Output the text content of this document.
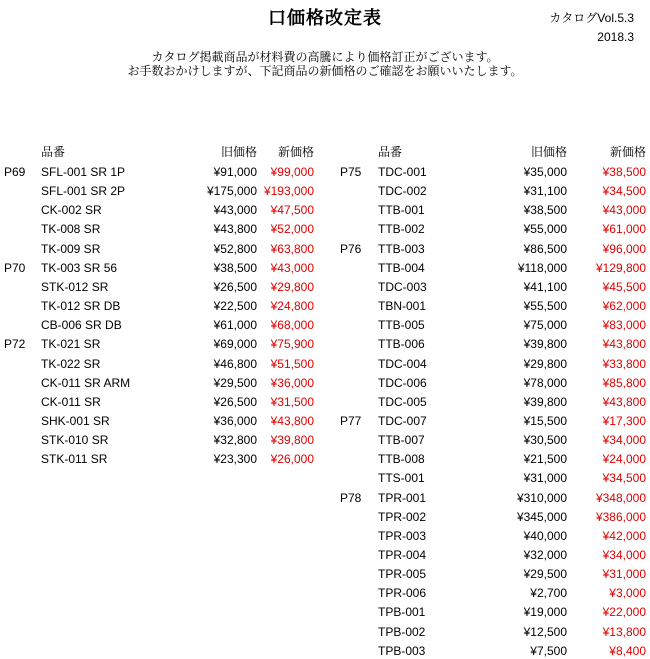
口価格改定表	カタログVol.5.3
2018.3
カタログ掲載商品が材料費の高騰により価格訂正がございます。
お手数おかけしますが、下記商品の新価格のご確認をお願いいたします。
品番	旧価格	新価格
P69 SFL-001 SR 1P	¥91,000	¥99,000
SFL-001 SR 2P	¥175,000 ¥193,000
CK-002 SR	¥43,000	¥47,500
TK-008 SR	¥43,800	¥52,000
TK-009 SR	¥52,800	¥63,800
P70 TK-003 SR 56	¥38,500	¥43,000
STK-012 SR	¥26,500	¥29,800
TK-012 SR DB	¥22,500	¥24,800
CB-006 SR DB	¥61,000	¥68,000
P72 TK-021 SR	¥69,000	¥75,900
TK-022 SR	¥46,800	¥51,500
CK-011 SR ARM	¥29,500	¥36,000
CK-011 SR	¥26,500	¥31,500
SHK-001 SR	¥36,000	¥43,800
STK-010 SR	¥32,800	¥39,800
STK-011 SR	¥23,300	¥26,000
品番	旧価格	新価格
P75 TDC-001	¥35,000	¥38,500
TDC-002	¥31,100	¥34,500
TTB-001	¥38,500	¥43,000
TTB-002	¥55,000	¥61,000
P76 TTB-003	¥86,500	¥96,000
TTB-004	¥118,000	¥129,800
TDC-003	¥41,100	¥45,500
TBN-001	¥55,500	¥62,000
TTB-005	¥75,000	¥83,000
TTB-006	¥39,800	¥43,800
TDC-004	¥29,800	¥33,800
TDC-006	¥78,000	¥85,800
TDC-005	¥39,800	¥43,800
P77 TDC-007	¥15,500	¥17,300
TTB-007	¥30,500	¥34,000
TTB-008	¥21,500	¥24,000
TTS-001	¥31,000	¥34,500
P78 TPR-001	¥310,000	¥348,000
TPR-002	¥345,000	¥386,000
TPR-003	¥40,000	¥42,000
TPR-004	¥32,000	¥34,000
TPR-005	¥29,500	¥31,000
TPR-006	¥2,700	¥3,000
TPB-001	¥19,000	¥22,000
TPB-002	¥12,500	¥13,800
TPB-003	¥7,500	¥8,400
